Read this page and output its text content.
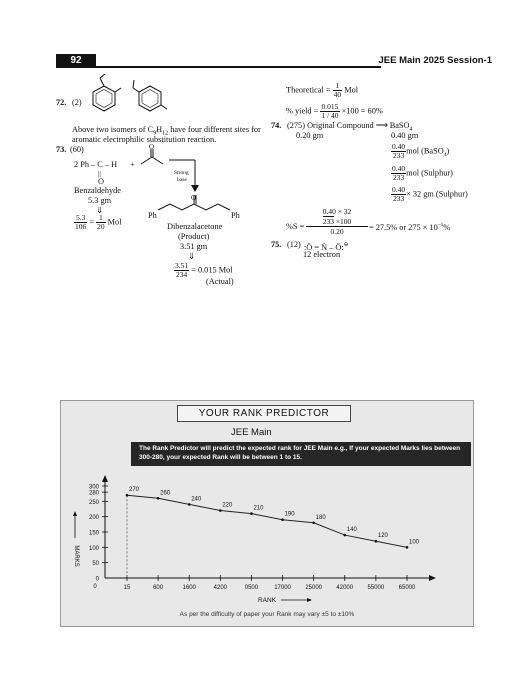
92	JEE Main 2025 Session-1
72. (2)
Above two isomers of $C_9H_{12}$ have four different sites for
aromatic electrophilic substitution reaction.
73. (60)
2 Ph – C – H
||
O
+
O
Strong
base
Benzaldehyde
5.3 gm
⇓
$\frac{5.3}{106} = \frac{1}{20}$ Mol
O
Ph	Ph
Dibenzalacetone
(Product)
3.51 gm
⇓
$\frac{3.51}{234} = 0.015$ Mol
(Actual)
Theoretical = $\frac{1}{40}$ Mol
% yield = $\frac{0.015}{1 / 40} \times 100 = 60\%$
74. (275) Original Compound ⟶ BaSO$_4$
0.20 gm	0.40 gm
$\frac{0.40}{233}$ mol (BaSO$_4$)
$\frac{0.40}{233}$ mol (Sulphur)
$\frac{0.40}{233} \times 32$ gm (Sulphur)
%S =
0.40 × 32
233 ×100
0.20	= 27.5% or $275 \times 10^{-1}\%$
75. (12) :Ö = N̈ – Ö:⊖
12 electron
YOUR RANK PREDICTOR
JEE Main
The Rank Predictor will predict the expected rank for JEE Main e.g., If your expected Marks lies between 300-280, your expected Rank will be between 1 to 15.
0
50
100
150
200
250
280
300
0	15	600	1600	4200	0500	17000 25000 42000 55000 65000
270
260
240
220
210
190
180
140
120
100
RANK
MARKS
As per the difficulty of paper your Rank may vary ±5 to ±10%
